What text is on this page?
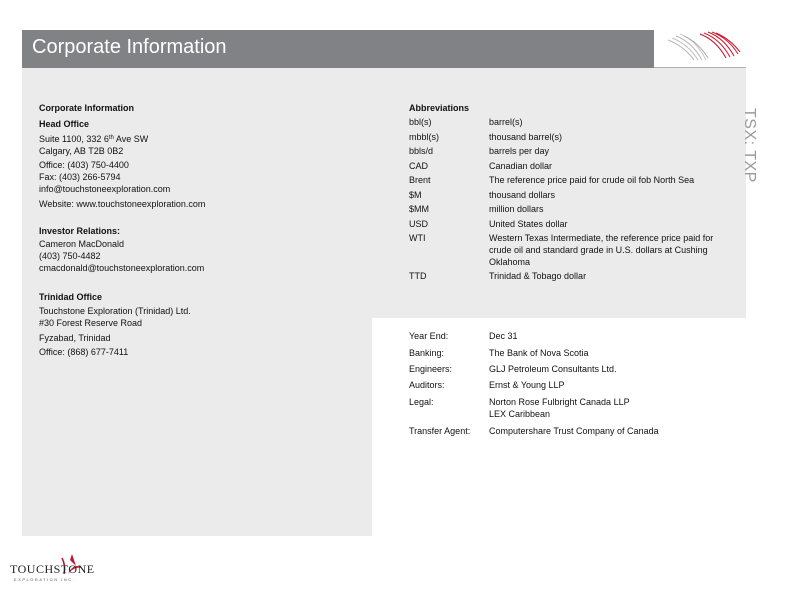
Corporate Information
TSX: TXP
Corporate Information
Head Office
Suite 1100, 332 6th Ave SW
Calgary, AB T2B 0B2
Office: (403) 750-4400
Fax: (403) 266-5794
info@touchstoneexploration.com
Website: www.touchstoneexploration.com
Investor Relations:
Cameron MacDonald
(403) 750-4482
cmacdonald@touchstoneexploration.com
Trinidad Office
Touchstone Exploration (Trinidad) Ltd.
#30 Forest Reserve Road
Fyzabad, Trinidad
Office: (868) 677-7411
Abbreviations
bbl(s)	barrel(s)
mbbl(s)	thousand barrel(s)
bbls/d	barrels per day
CAD	Canadian dollar
Brent	The reference price paid for crude oil fob North Sea
$M	thousand dollars
$MM	million dollars
USD	United States dollar
WTI	Western Texas Intermediate, the reference price paid for crude oil and standard grade in U.S. dollars at Cushing Oklahoma
TTD	Trinidad & Tobago dollar
Year End:	Dec 31
Banking:	The Bank of Nova Scotia
Engineers:	GLJ Petroleum Consultants Ltd.
Auditors:	Ernst & Young LLP
Legal:	Norton Rose Fulbright Canada LLP
LEX Caribbean
Transfer Agent: Computershare Trust Company of Canada
TOUCHSTONE
EXPLORATION INC.
